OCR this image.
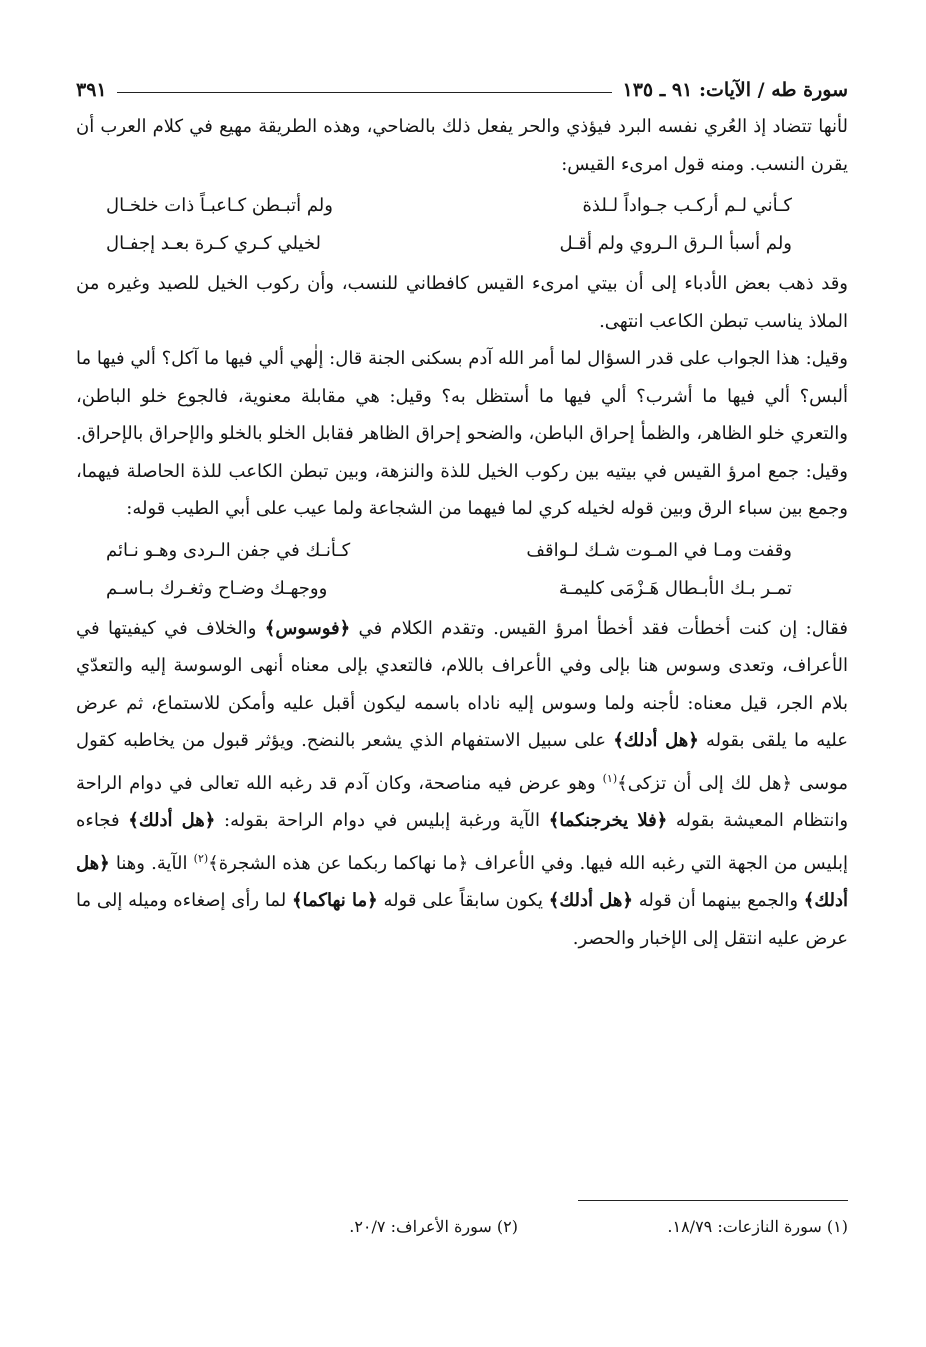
سورة طه / الآيات: ٩١ ـ ١٣٥
٣٩١

لأنها تتضاد إذ العُري نفسه البرد فيؤذي والحر يفعل ذلك بالضاحي، وهذه الطريقة مهيع في كلام العرب أن يقرن النسب. ومنه قول امرىء القيس:

كـأني لـم أركـب جـواداً لـلذة
ولم أتبـطن كـاعبـاً ذات خلخـال
ولم أسبأ الـرق الـروي ولم أقـل
لخيلي كـري كـرة بعـد إجفـال

وقد ذهب بعض الأدباء إلى أن بيتي امرىء القيس كافطاني للنسب، وأن ركوب الخيل للصيد وغيره من الملاذ يناسب تبطن الكاعب انتهى.

وقيل: هذا الجواب على قدر السؤال لما أمر الله آدم بسكنى الجنة قال: إلٰهي ألي فيها ما آكل؟ ألي فيها ما ألبس؟ ألي فيها ما أشرب؟ ألي فيها ما أستظل به؟ وقيل: هي مقابلة معنوية، فالجوع خلو الباطن، والتعري خلو الظاهر، والظمأ إحراق الباطن، والضحو إحراق الظاهر فقابل الخلو بالخلو والإحراق بالإحراق. وقيل: جمع امرؤ القيس في بيتيه بين ركوب الخيل للذة والنزهة، وبين تبطن الكاعب للذة الحاصلة فيهما، وجمع بين سباء الرق وبين قوله لخيله كري لما فيهما من الشجاعة ولما عيب على أبي الطيب قوله:

وقفت ومـا في المـوت شـك لـواقف
كـأنـك في جفن الـردى وهـو نـائم
تمـر بـك الأبـطال هَـزْمَى كليمـة
ووجهـك وضـاح وثغـرك بـاسـم

فقال: إن كنت أخطأت فقد أخطأ امرؤ القيس. وتقدم الكلام في ﴿فوسوس﴾ والخلاف في كيفيتها في الأعراف، وتعدى وسوس هنا بإلى وفي الأعراف باللام، فالتعدي بإلى معناه أنهى الوسوسة إليه والتعدّي بلام الجر، قيل معناه: لأجنه ولما وسوس إليه ناداه باسمه ليكون أقبل عليه وأمكن للاستماع، ثم عرض عليه ما يلقى بقوله ﴿هل أدلك﴾ على سبيل الاستفهام الذي يشعر بالنضح. ويؤثر قبول من يخاطبه كقول موسى ﴿هل لك إلى أن تزكى﴾$^{(١)}$ وهو عرض فيه مناصحة، وكان آدم قد رغبه الله تعالى في دوام الراحة وانتظام المعيشة بقوله ﴿فلا يخرجنكما﴾ الآية ورغبة إبليس في دوام الراحة بقوله: ﴿هل أدلك﴾ فجاءه إبليس من الجهة التي رغبه الله فيها. وفي الأعراف ﴿ما نهاكما ربكما عن هذه الشجرة﴾$^{(٢)}$ الآية. وهنا ﴿هل أدلك﴾ والجمع بينهما أن قوله ﴿هل أدلك﴾ يكون سابقاً على قوله ﴿ما نهاكما﴾ لما رأى إصغاءه وميله إلى ما عرض عليه انتقل إلى الإخبار والحصر.

(١) سورة النازعات: ١٨/٧٩.
(٢) سورة الأعراف: ٢٠/٧.
